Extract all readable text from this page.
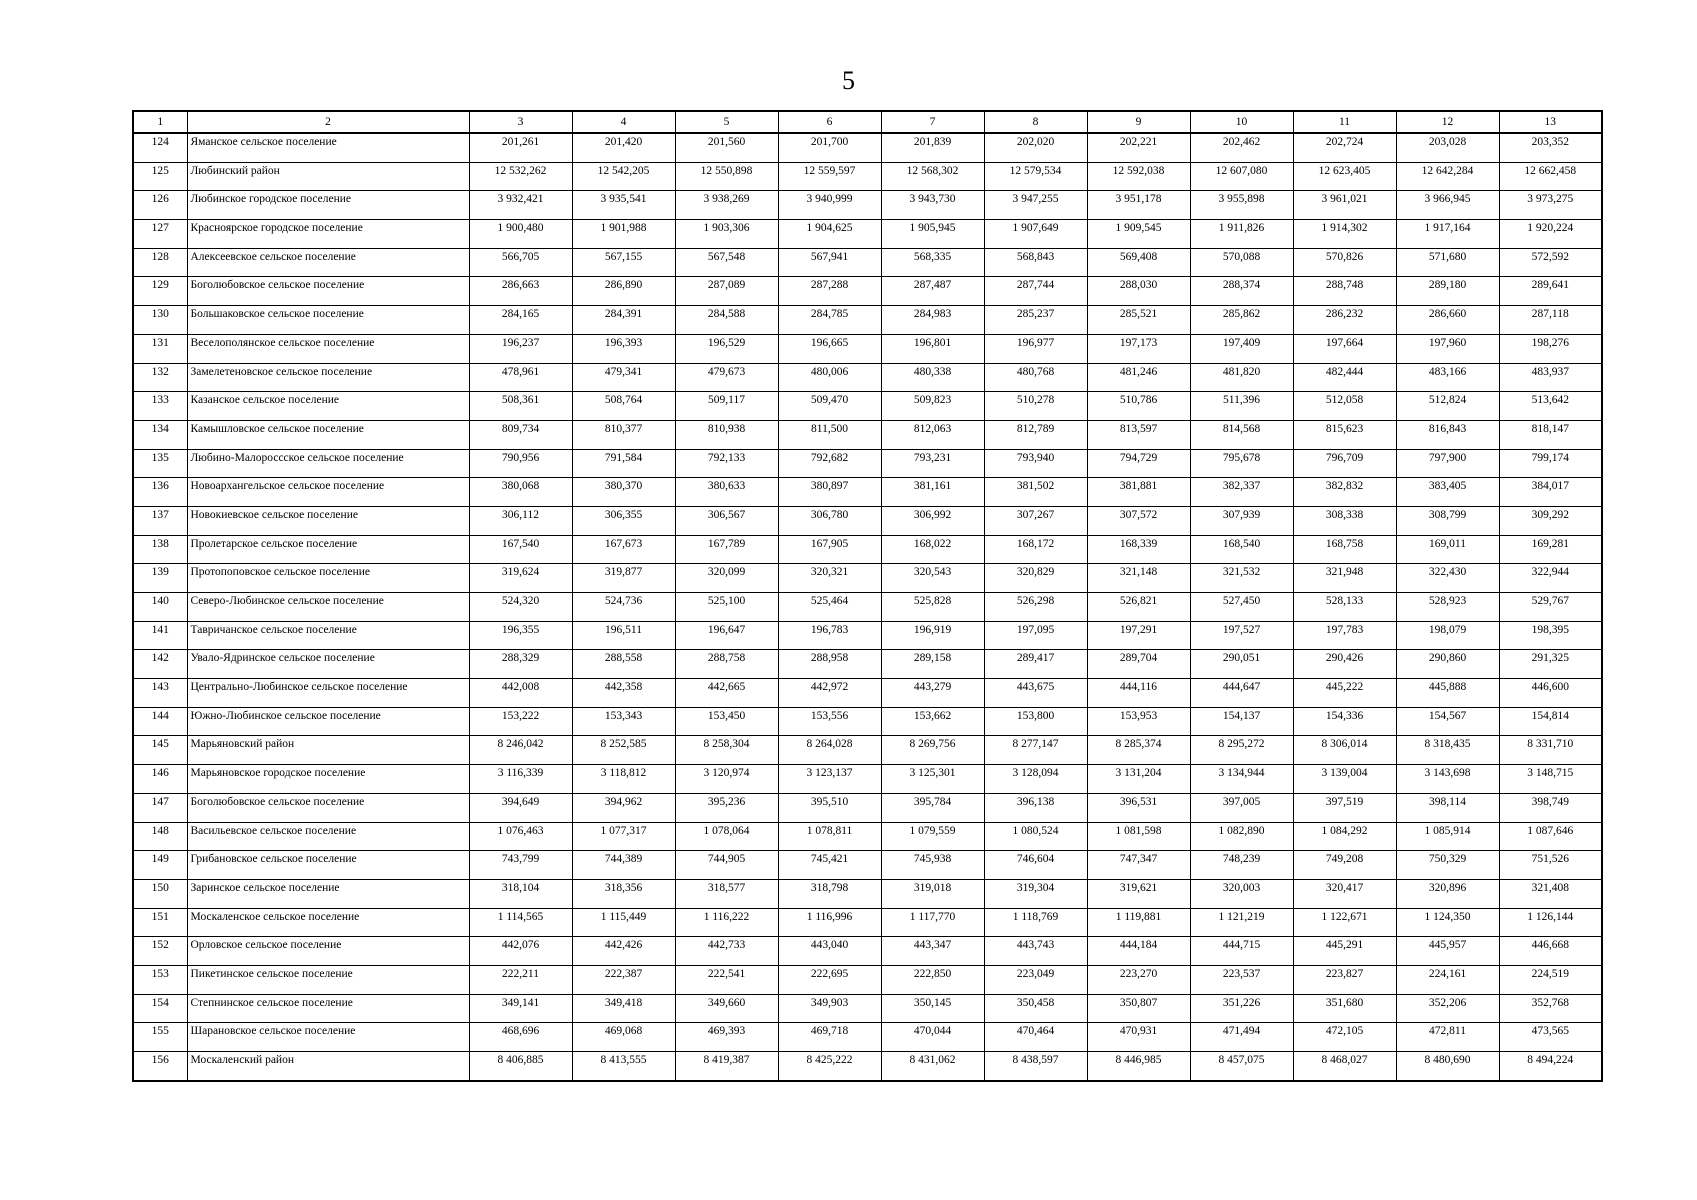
5
1	2	3	4	5	6	7	8	9	10	11	12	13
124	Яманское сельское поселение	201,261	201,420	201,560	201,700	201,839	202,020	202,221	202,462	202,724	203,028	203,352
125	Любинский район	12 532,262	12 542,205	12 550,898	12 559,597	12 568,302	12 579,534	12 592,038	12 607,080	12 623,405	12 642,284	12 662,458
126	Любинское городское поселение	3 932,421	3 935,541	3 938,269	3 940,999	3 943,730	3 947,255	3 951,178	3 955,898	3 961,021	3 966,945	3 973,275
127	Красноярское городское поселение	1 900,480	1 901,988	1 903,306	1 904,625	1 905,945	1 907,649	1 909,545	1 911,826	1 914,302	1 917,164	1 920,224
128	Алексеевское сельское поселение	566,705	567,155	567,548	567,941	568,335	568,843	569,408	570,088	570,826	571,680	572,592
129	Боголюбовское сельское поселение	286,663	286,890	287,089	287,288	287,487	287,744	288,030	288,374	288,748	289,180	289,641
130	Большаковское сельское поселение	284,165	284,391	284,588	284,785	284,983	285,237	285,521	285,862	286,232	286,660	287,118
131	Веселополянское сельское поселение	196,237	196,393	196,529	196,665	196,801	196,977	197,173	197,409	197,664	197,960	198,276
132	Замелетеновское сельское поселение	478,961	479,341	479,673	480,006	480,338	480,768	481,246	481,820	482,444	483,166	483,937
133	Казанское сельское поселение	508,361	508,764	509,117	509,470	509,823	510,278	510,786	511,396	512,058	512,824	513,642
134	Камышловское сельское поселение	809,734	810,377	810,938	811,500	812,063	812,789	813,597	814,568	815,623	816,843	818,147
135	Любино-Малороссское сельское поселение	790,956	791,584	792,133	792,682	793,231	793,940	794,729	795,678	796,709	797,900	799,174
136	Новоархангельское сельское поселение	380,068	380,370	380,633	380,897	381,161	381,502	381,881	382,337	382,832	383,405	384,017
137	Новокиевское сельское поселение	306,112	306,355	306,567	306,780	306,992	307,267	307,572	307,939	308,338	308,799	309,292
138	Пролетарское сельское поселение	167,540	167,673	167,789	167,905	168,022	168,172	168,339	168,540	168,758	169,011	169,281
139	Протопоповское сельское поселение	319,624	319,877	320,099	320,321	320,543	320,829	321,148	321,532	321,948	322,430	322,944
140	Северо-Любинское сельское поселение	524,320	524,736	525,100	525,464	525,828	526,298	526,821	527,450	528,133	528,923	529,767
141	Тавричанское сельское поселение	196,355	196,511	196,647	196,783	196,919	197,095	197,291	197,527	197,783	198,079	198,395
142	Увало-Ядринское сельское поселение	288,329	288,558	288,758	288,958	289,158	289,417	289,704	290,051	290,426	290,860	291,325
143	Центрально-Любинское сельское поселение	442,008	442,358	442,665	442,972	443,279	443,675	444,116	444,647	445,222	445,888	446,600
144	Южно-Любинское сельское поселение	153,222	153,343	153,450	153,556	153,662	153,800	153,953	154,137	154,336	154,567	154,814
145	Марьяновский район	8 246,042	8 252,585	8 258,304	8 264,028	8 269,756	8 277,147	8 285,374	8 295,272	8 306,014	8 318,435	8 331,710
146	Марьяновское городское поселение	3 116,339	3 118,812	3 120,974	3 123,137	3 125,301	3 128,094	3 131,204	3 134,944	3 139,004	3 143,698	3 148,715
147	Боголюбовское сельское поселение	394,649	394,962	395,236	395,510	395,784	396,138	396,531	397,005	397,519	398,114	398,749
148	Васильевское сельское поселение	1 076,463	1 077,317	1 078,064	1 078,811	1 079,559	1 080,524	1 081,598	1 082,890	1 084,292	1 085,914	1 087,646
149	Грибановское сельское поселение	743,799	744,389	744,905	745,421	745,938	746,604	747,347	748,239	749,208	750,329	751,526
150	Заринское сельское поселение	318,104	318,356	318,577	318,798	319,018	319,304	319,621	320,003	320,417	320,896	321,408
151	Москаленское сельское поселение	1 114,565	1 115,449	1 116,222	1 116,996	1 117,770	1 118,769	1 119,881	1 121,219	1 122,671	1 124,350	1 126,144
152	Орловское сельское поселение	442,076	442,426	442,733	443,040	443,347	443,743	444,184	444,715	445,291	445,957	446,668
153	Пикетинское сельское поселение	222,211	222,387	222,541	222,695	222,850	223,049	223,270	223,537	223,827	224,161	224,519
154	Степнинское сельское поселение	349,141	349,418	349,660	349,903	350,145	350,458	350,807	351,226	351,680	352,206	352,768
155	Шарановское сельское поселение	468,696	469,068	469,393	469,718	470,044	470,464	470,931	471,494	472,105	472,811	473,565
156	Москаленский район	8 406,885	8 413,555	8 419,387	8 425,222	8 431,062	8 438,597	8 446,985	8 457,075	8 468,027	8 480,690	8 494,224
